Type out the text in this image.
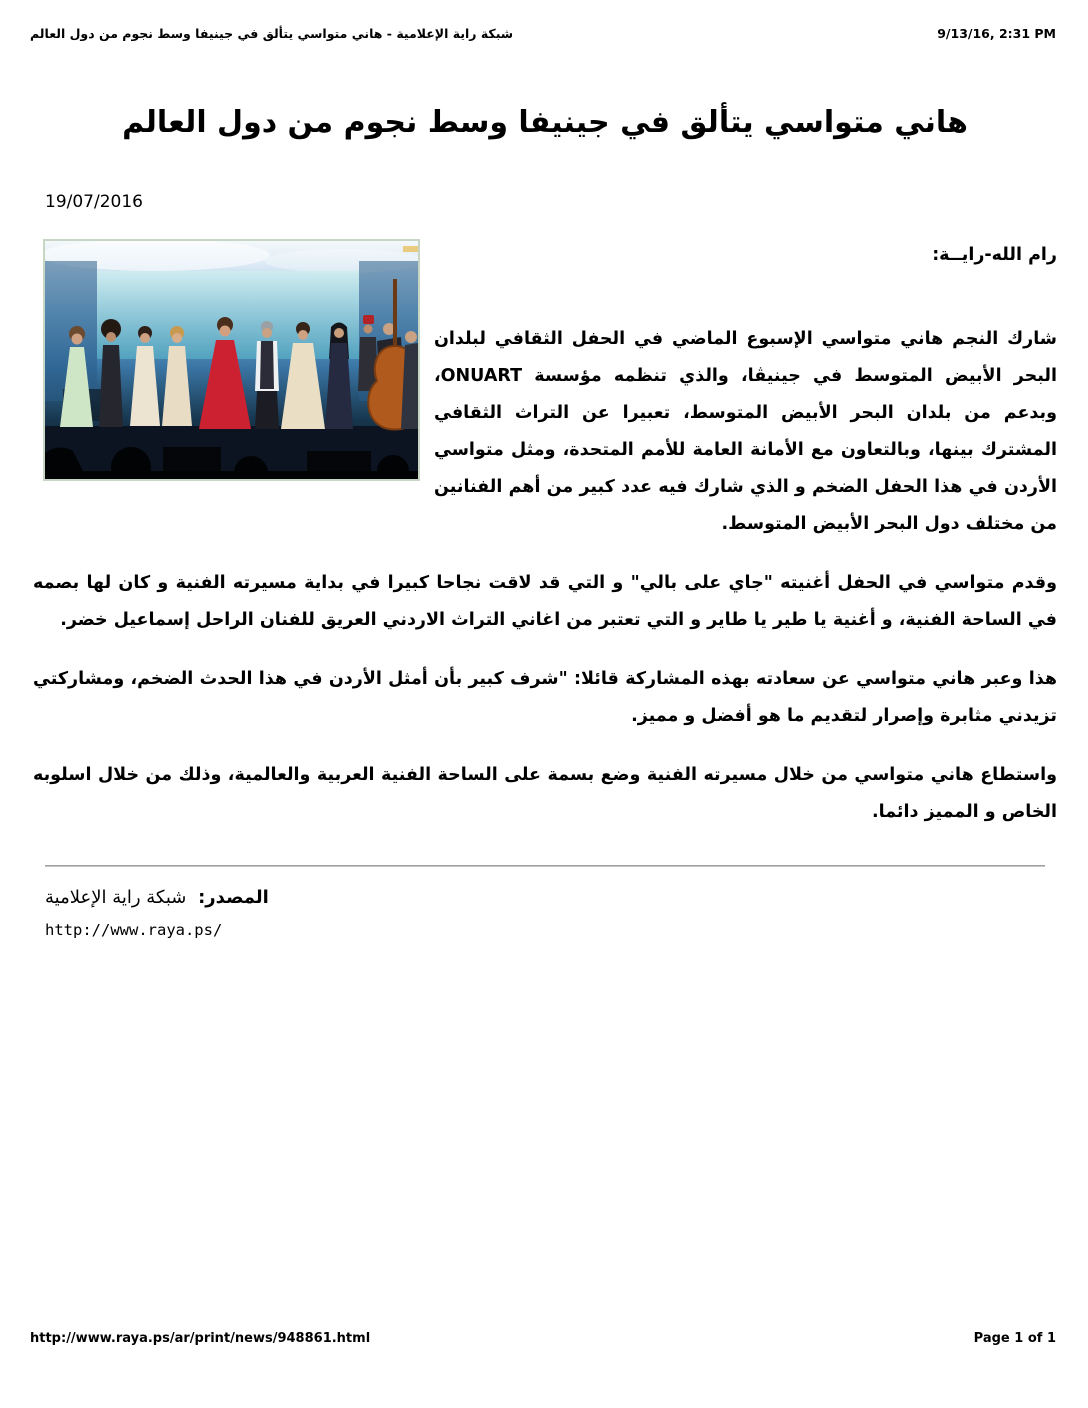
شبكة راية الإعلامية - هاني متواسي يتألق في جينيفا وسط نجوم من دول العالم	9/13/16, 2:31 PM
هاني متواسي يتألق في جينيفا وسط نجوم من دول العالم
19/07/2016

رام الله-رايــة:

شارك النجم هاني متواسي الإسبوع الماضي في الحفل الثقافي لبلدان البحر الأبيض المتوسط في جينيڤا، والذي تنظمه مؤسسة ONUART، وبدعم من بلدان البحر الأبيض المتوسط، تعبيرا عن التراث الثقافي المشترك بينها، وبالتعاون مع الأمانة العامة للأمم المتحدة، ومثل متواسي الأردن في هذا الحفل الضخم و الذي شارك فيه عدد كبير من أهم الفنانين من مختلف دول البحر الأبيض المتوسط.

وقدم متواسي في الحفل أغنيته "جاي على بالي" و التي قد لاقت نجاحا كبيرا في بداية مسيرته الفنية و كان لها بصمه في الساحة الفنية، و أغنية يا طير يا طاير و التي تعتبر من اغاني التراث الاردني العريق للفنان الراحل إسماعيل خضر.

هذا وعبر هاني متواسي عن سعادته بهذه المشاركة قائلا: "شرف كبير بأن أمثل الأردن في هذا الحدث الضخم، ومشاركتي تزيدني مثابرة وإصرار لتقديم ما هو أفضل و مميز.

واستطاع هاني متواسي من خلال مسيرته الفنية وضع بسمة على الساحة الفنية العربية والعالمية، وذلك من خلال اسلوبه الخاص و المميز دائما.

المصدر: شبكة راية الإعلامية
http://www.raya.ps/
http://www.raya.ps/ar/print/news/948861.html	Page 1 of 1
